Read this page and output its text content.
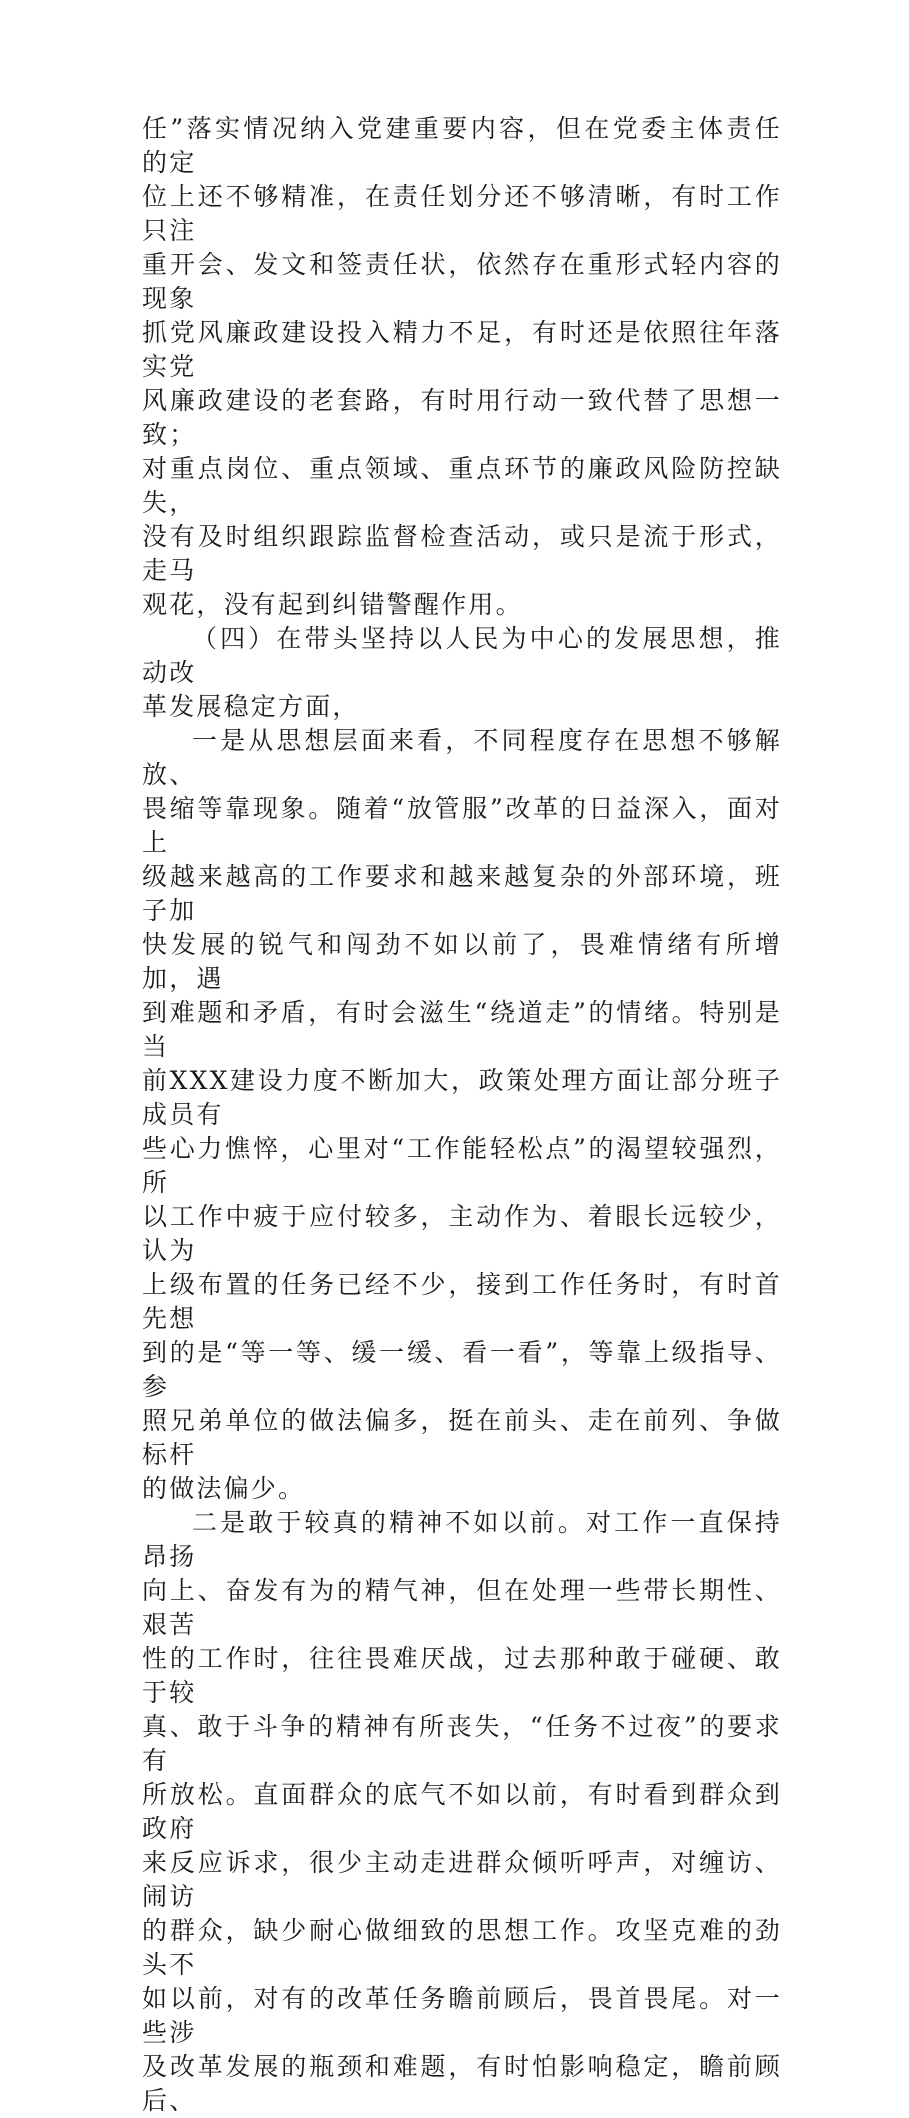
任”落实情况纳入党建重要内容，但在党委主体责任的定
位上还不够精准，在责任划分还不够清晰，有时工作只注
重开会、发文和签责任状，依然存在重形式轻内容的现象
抓党风廉政建设投入精力不足，有时还是依照往年落实党
风廉政建设的老套路，有时用行动一致代替了思想一致；
对重点岗位、重点领域、重点环节的廉政风险防控缺失，
没有及时组织跟踪监督检查活动，或只是流于形式，走马
观花，没有起到纠错警醒作用。

（四）在带头坚持以人民为中心的发展思想，推动改
革发展稳定方面，

一是从思想层面来看，不同程度存在思想不够解放、
畏缩等靠现象。随着“放管服”改革的日益深入，面对上
级越来越高的工作要求和越来越复杂的外部环境，班子加
快发展的锐气和闯劲不如以前了，畏难情绪有所增加，遇
到难题和矛盾，有时会滋生“绕道走”的情绪。特别是当
前XXX建设力度不断加大，政策处理方面让部分班子成员有
些心力憔悴，心里对“工作能轻松点”的渴望较强烈，所
以工作中疲于应付较多，主动作为、着眼长远较少，认为
上级布置的任务已经不少，接到工作任务时，有时首先想
到的是“等一等、缓一缓、看一看”，等靠上级指导、参
照兄弟单位的做法偏多，挺在前头、走在前列、争做标杆
的做法偏少。

二是敢于较真的精神不如以前。对工作一直保持昂扬
向上、奋发有为的精气神，但在处理一些带长期性、艰苦
性的工作时，往往畏难厌战，过去那种敢于碰硬、敢于较
真、敢于斗争的精神有所丧失，“任务不过夜”的要求有
所放松。直面群众的底气不如以前，有时看到群众到政府
来反应诉求，很少主动走进群众倾听呼声，对缠访、闹访
的群众，缺少耐心做细致的思想工作。攻坚克难的劲头不
如以前，对有的改革任务瞻前顾后，畏首畏尾。对一些涉
及改革发展的瓶颈和难题，有时怕影响稳定，瞻前顾后、
